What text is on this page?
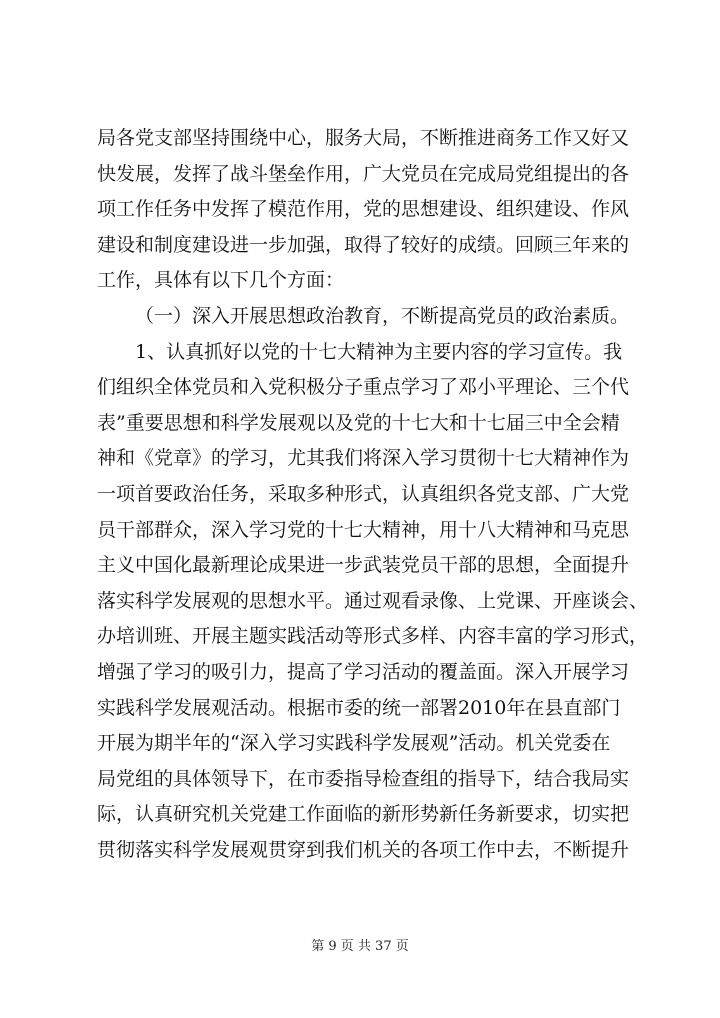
局各党支部坚持围绕中心，服务大局，不断推进商务工作又好又
快发展，发挥了战斗堡垒作用，广大党员在完成局党组提出的各
项工作任务中发挥了模范作用，党的思想建设、组织建设、作风
建设和制度建设进一步加强，取得了较好的成绩。回顾三年来的
工作，具体有以下几个方面：
（一）深入开展思想政治教育，不断提高党员的政治素质。
1、认真抓好以党的十七大精神为主要内容的学习宣传。我
们组织全体党员和入党积极分子重点学习了邓小平理论、三个代
表”重要思想和科学发展观以及党的十七大和十七届三中全会精
神和《党章》的学习，尤其我们将深入学习贯彻十七大精神作为
一项首要政治任务，采取多种形式，认真组织各党支部、广大党
员干部群众，深入学习党的十七大精神，用十八大精神和马克思
主义中国化最新理论成果进一步武装党员干部的思想，全面提升
落实科学发展观的思想水平。通过观看录像、上党课、开座谈会、
办培训班、开展主题实践活动等形式多样、内容丰富的学习形式，
增强了学习的吸引力，提高了学习活动的覆盖面。深入开展学习
实践科学发展观活动。根据市委的统一部署2010年在县直部门
开展为期半年的“深入学习实践科学发展观”活动。机关党委在
局党组的具体领导下，在市委指导检查组的指导下，结合我局实
际，认真研究机关党建工作面临的新形势新任务新要求，切实把
贯彻落实科学发展观贯穿到我们机关的各项工作中去，不断提升
第 9 页 共 37 页
